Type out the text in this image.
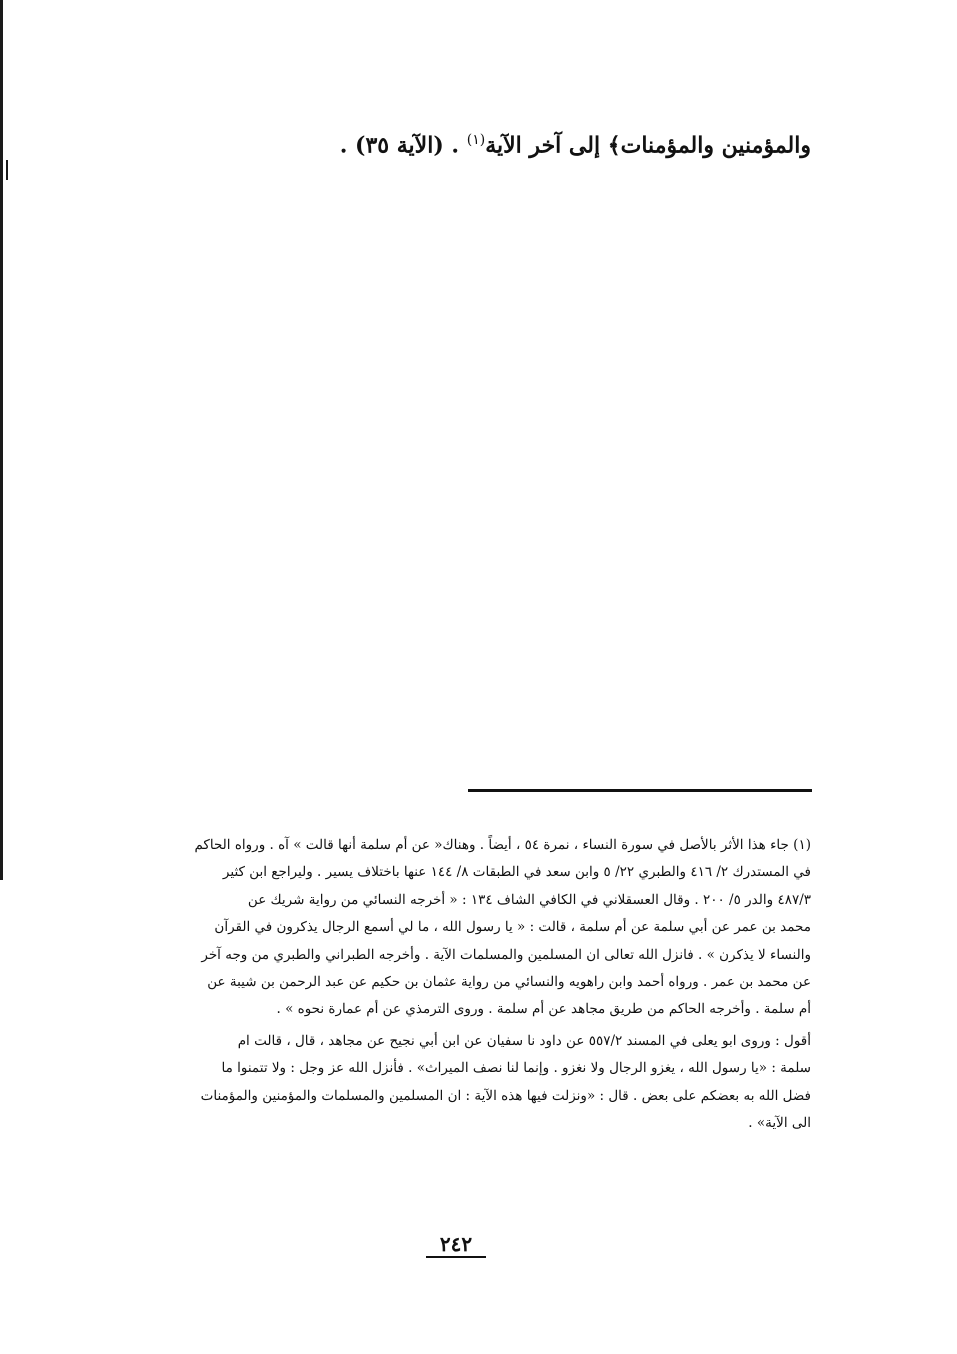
والمؤمنين والمؤمنات﴾ إلى آخر الآية$^{(١)}$ . (الآية ٣٥) .
(١) جاء هذا الأثر بالأصل في سورة النساء ، نمرة ٥٤ ، أيضاً . وهناك« عن أم سلمة أنها قالت » آه . ورواه الحاكم
في المستدرك ٢/ ٤١٦ والطبري ٢٢/ ٥ وابن سعد في الطبقات ٨/ ١٤٤ عنها باختلاف يسير . وليراجع ابن كثير
٤٨٧/٣ والدر ٥/ ٢٠٠ . وقال العسقلاني في الكافي الشاف ١٣٤ : « أخرجه النسائي من رواية شريك عن
محمد بن عمر عن أبي سلمة عن أم سلمة ، قالت : « يا رسول الله ، ما لي أسمع الرجال يذكرون في القرآن
والنساء لا يذكرن » . فانزل الله تعالى ان المسلمين والمسلمات الآية . وأخرجه الطبراني والطبري من وجه آخر
عن محمد بن عمر . ورواه أحمد وابن راهويه والنسائي من رواية عثمان بن حكيم عن عبد الرحمن بن شيبة عن
أم سلمة . وأخرجه الحاكم من طريق مجاهد عن أم سلمة . وروى الترمذي عن أم عمارة نحوه » .
أقول : وروى ابو يعلى في المسند ٥٥٧/٢ عن داود نا سفيان عن ابن أبي نجيح عن مجاهد ، قال ، قالت ام
سلمة : «يا رسول الله ، يغزو الرجال ولا نغزو . وإنما لنا نصف الميراث» . فأنزل الله عز وجل : ولا تتمنوا ما
فضل الله به بعضكم على بعض . قال : «ونزلت فيها هذه الآية : ان المسلمين والمسلمات والمؤمنين والمؤمنات
الى الآية» .
٢٤٢
